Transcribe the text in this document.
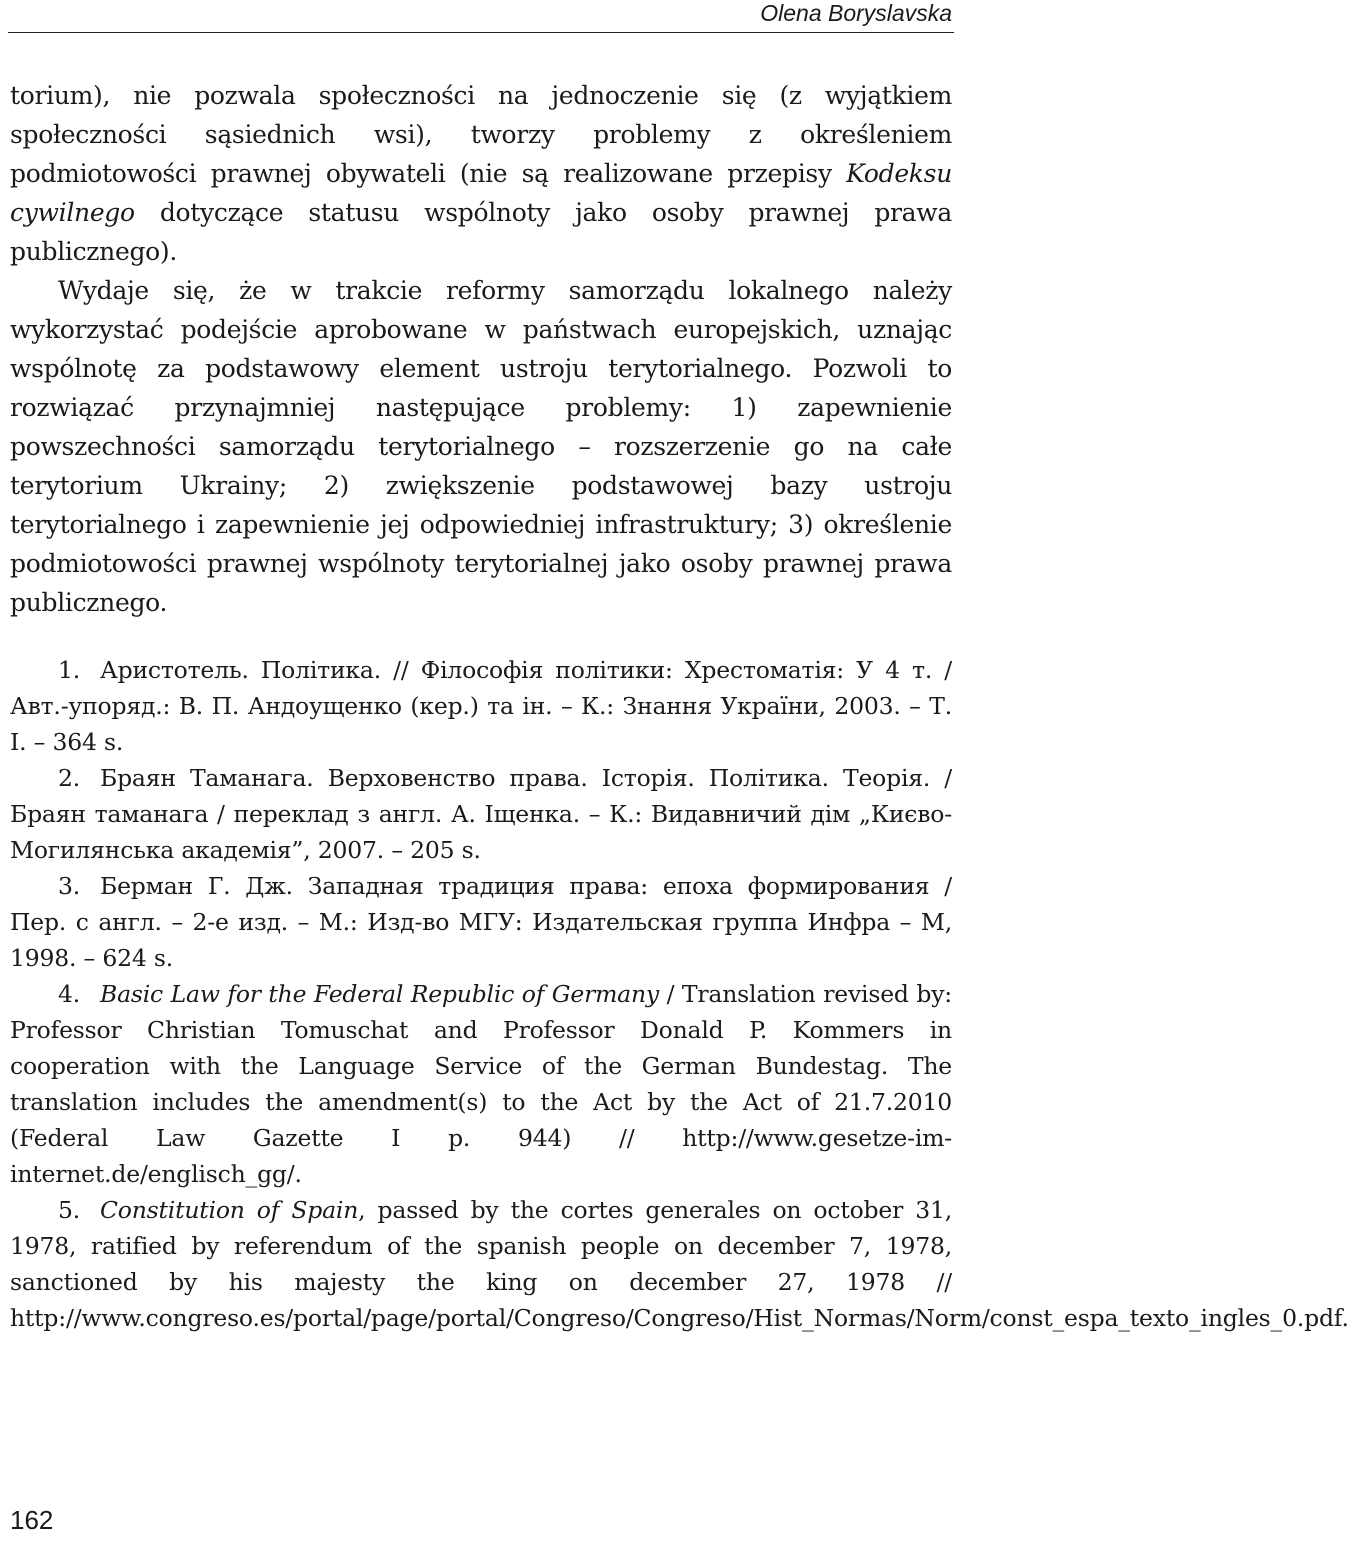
Olena Boryslavska

torium), nie pozwala społeczności na jednoczenie się (z wyjątkiem społeczności sąsiednich wsi), tworzy problemy z określeniem podmiotowości prawnej obywateli (nie są realizowane przepisy Kodeksu cywilnego dotyczące statusu wspólnoty jako osoby prawnej prawa publicznego).

Wydaje się, że w trakcie reformy samorządu lokalnego należy wykorzystać podejście aprobowane w państwach europejskich, uznając wspólnotę za podstawowy element ustroju terytorialnego. Pozwoli to rozwiązać przynajmniej następujące problemy: 1) zapewnienie powszechności samorządu terytorialnego – rozszerzenie go na całe terytorium Ukrainy; 2) zwiększenie podstawowej bazy ustroju terytorialnego i zapewnienie jej odpowiedniej infrastruktury; 3) określenie podmiotowości prawnej wspólnoty terytorialnej jako osoby prawnej prawa publicznego.

1. Аристотель. Політика. // Філософія політики: Хрестоматія: У 4 т. / Авт.-упоряд.: В. П. Андоущенко (кер.) та ін. – К.: Знання України, 2003. – Т. I. – 364 s.

2. Браян Таманага. Верховенство права. Історія. Політика. Теорія. /Браян таманага / переклад з англ. А. Іщенка. – К.: Видавничий дім „Києво-Могилянська академія”, 2007. – 205 s.

3. Берман Г. Дж. Западная традиция права: епоха формирования / Пер. с англ. – 2-е изд. – М.: Изд-во МГУ: Издательская группа Инфра – М, 1998. – 624 s.

4. Basic Law for the Federal Republic of Germany / Translation revised by: Professor Christian Tomuschat and Professor Donald P. Kommers in cooperation with the Language Service of the German Bundestag. The translation includes the amendment(s) to the Act by the Act of 21.7.2010 (Federal Law Gazette I p. 944) // http://www.gesetze-im-internet.de/englisch_gg/.

5. Constitution of Spain, passed by the cortes generales on october 31, 1978, ratified by referendum of the spanish people on december 7, 1978, sanctioned by his majesty the king on december 27, 1978 // http://www.congreso.es/portal/page/portal/Congreso/Congreso/Hist_Normas/Norm/const_espa_texto_ingles_0.pdf.

162
